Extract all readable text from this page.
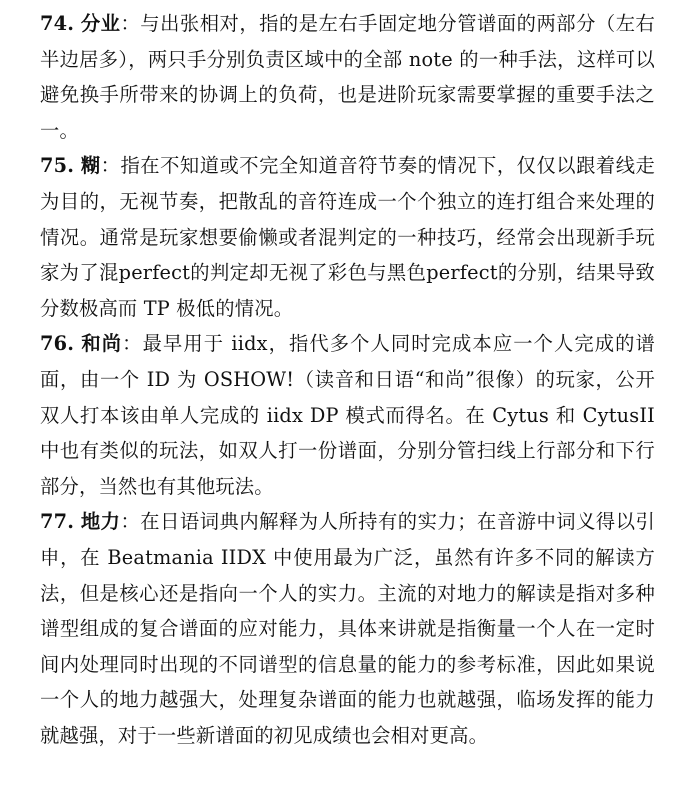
74. 分业：与出张相对，指的是左右手固定地分管谱面的两部分（左右半边居多），两只手分别负责区域中的全部 note 的一种手法，这样可以避免换手所带来的协调上的负荷，也是进阶玩家需要掌握的重要手法之一。

75. 糊：指在不知道或不完全知道音符节奏的情况下，仅仅以跟着线走为目的，无视节奏，把散乱的音符连成一个个独立的连打组合来处理的情况。通常是玩家想要偷懒或者混判定的一种技巧，经常会出现新手玩家为了混perfect的判定却无视了彩色与黑色perfect的分别，结果导致分数极高而 TP 极低的情况。

76. 和尚：最早用于 iidx，指代多个人同时完成本应一个人完成的谱面，由一个 ID 为 OSHOW!（读音和日语“和尚”很像）的玩家，公开双人打本该由单人完成的 iidx DP 模式而得名。在 Cytus 和 CytusII 中也有类似的玩法，如双人打一份谱面，分别分管扫线上行部分和下行部分，当然也有其他玩法。

77. 地力：在日语词典内解释为人所持有的实力；在音游中词义得以引申，在 Beatmania IIDX 中使用最为广泛，虽然有许多不同的解读方法，但是核心还是指向一个人的实力。主流的对地力的解读是指对多种谱型组成的复合谱面的应对能力，具体来讲就是指衡量一个人在一定时间内处理同时出现的不同谱型的信息量的能力的参考标准，因此如果说一个人的地力越强大，处理复杂谱面的能力也就越强，临场发挥的能力就越强，对于一些新谱面的初见成绩也会相对更高。
